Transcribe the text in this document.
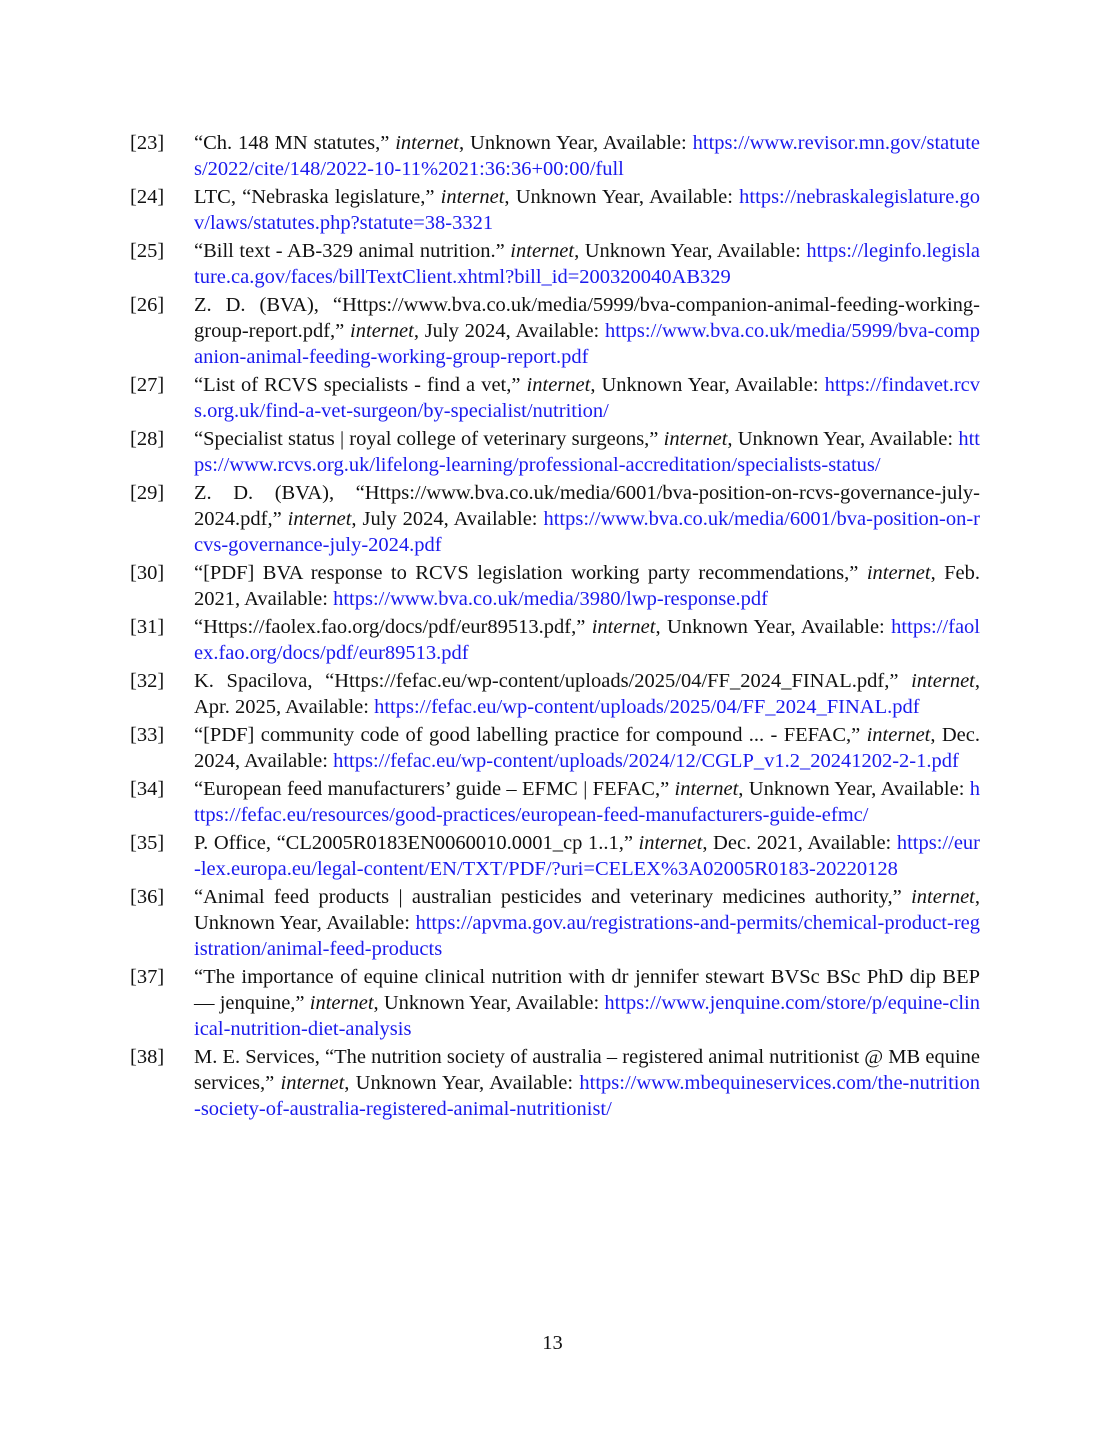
[23] “Ch. 148 MN statutes,” internet, Unknown Year, Available: https://www.revisor.mn.gov/statutes/2022/cite/148/2022-10-11%2021:36:36+00:00/full
[24] LTC, “Nebraska legislature,” internet, Unknown Year, Available: https://nebraskalegislature.gov/laws/statutes.php?statute=38-3321
[25] “Bill text - AB-329 animal nutrition.” internet, Unknown Year, Available: https://leginfo.legislature.ca.gov/faces/billTextClient.xhtml?bill_id=200320040AB329
[26] Z. D. (BVA), “Https://www.bva.co.uk/media/5999/bva-companion-animal-feeding-working-group-report.pdf,” internet, July 2024, Available: https://www.bva.co.uk/media/5999/bva-companion-animal-feeding-working-group-report.pdf
[27] “List of RCVS specialists - find a vet,” internet, Unknown Year, Available: https://findavet.rcvs.org.uk/find-a-vet-surgeon/by-specialist/nutrition/
[28] “Specialist status | royal college of veterinary surgeons,” internet, Unknown Year, Available: https://www.rcvs.org.uk/lifelong-learning/professional-accreditation/specialists-status/
[29] Z. D. (BVA), “Https://www.bva.co.uk/media/6001/bva-position-on-rcvs-governance-july-2024.pdf,” internet, July 2024, Available: https://www.bva.co.uk/media/6001/bva-position-on-rcvs-governance-july-2024.pdf
[30] “[PDF] BVA response to RCVS legislation working party recommendations,” internet, Feb. 2021, Available: https://www.bva.co.uk/media/3980/lwp-response.pdf
[31] “Https://faolex.fao.org/docs/pdf/eur89513.pdf,” internet, Unknown Year, Available: https://faolex.fao.org/docs/pdf/eur89513.pdf
[32] K. Spacilova, “Https://fefac.eu/wp-content/uploads/2025/04/FF_2024_FINAL.pdf,” internet, Apr. 2025, Available: https://fefac.eu/wp-content/uploads/2025/04/FF_2024_FINAL.pdf
[33] “[PDF] community code of good labelling practice for compound ... - FEFAC,” internet, Dec. 2024, Available: https://fefac.eu/wp-content/uploads/2024/12/CGLP_v1.2_20241202-2-1.pdf
[34] “European feed manufacturers’ guide – EFMC | FEFAC,” internet, Unknown Year, Available: https://fefac.eu/resources/good-practices/european-feed-manufacturers-guide-efmc/
[35] P. Office, “CL2005R0183EN0060010.0001_cp 1..1,” internet, Dec. 2021, Available: https://eur-lex.europa.eu/legal-content/EN/TXT/PDF/?uri=CELEX%3A02005R0183-20220128
[36] “Animal feed products | australian pesticides and veterinary medicines authority,” internet, Unknown Year, Available: https://apvma.gov.au/registrations-and-permits/chemical-product-registration/animal-feed-products
[37] “The importance of equine clinical nutrition with dr jennifer stewart BVSc BSc PhD dip BEP — jenquine,” internet, Unknown Year, Available: https://www.jenquine.com/store/p/equine-clinical-nutrition-diet-analysis
[38] M. E. Services, “The nutrition society of australia – registered animal nutritionist @ MB equine services,” internet, Unknown Year, Available: https://www.mbequineservices.com/the-nutrition-society-of-australia-registered-animal-nutritionist/
13
